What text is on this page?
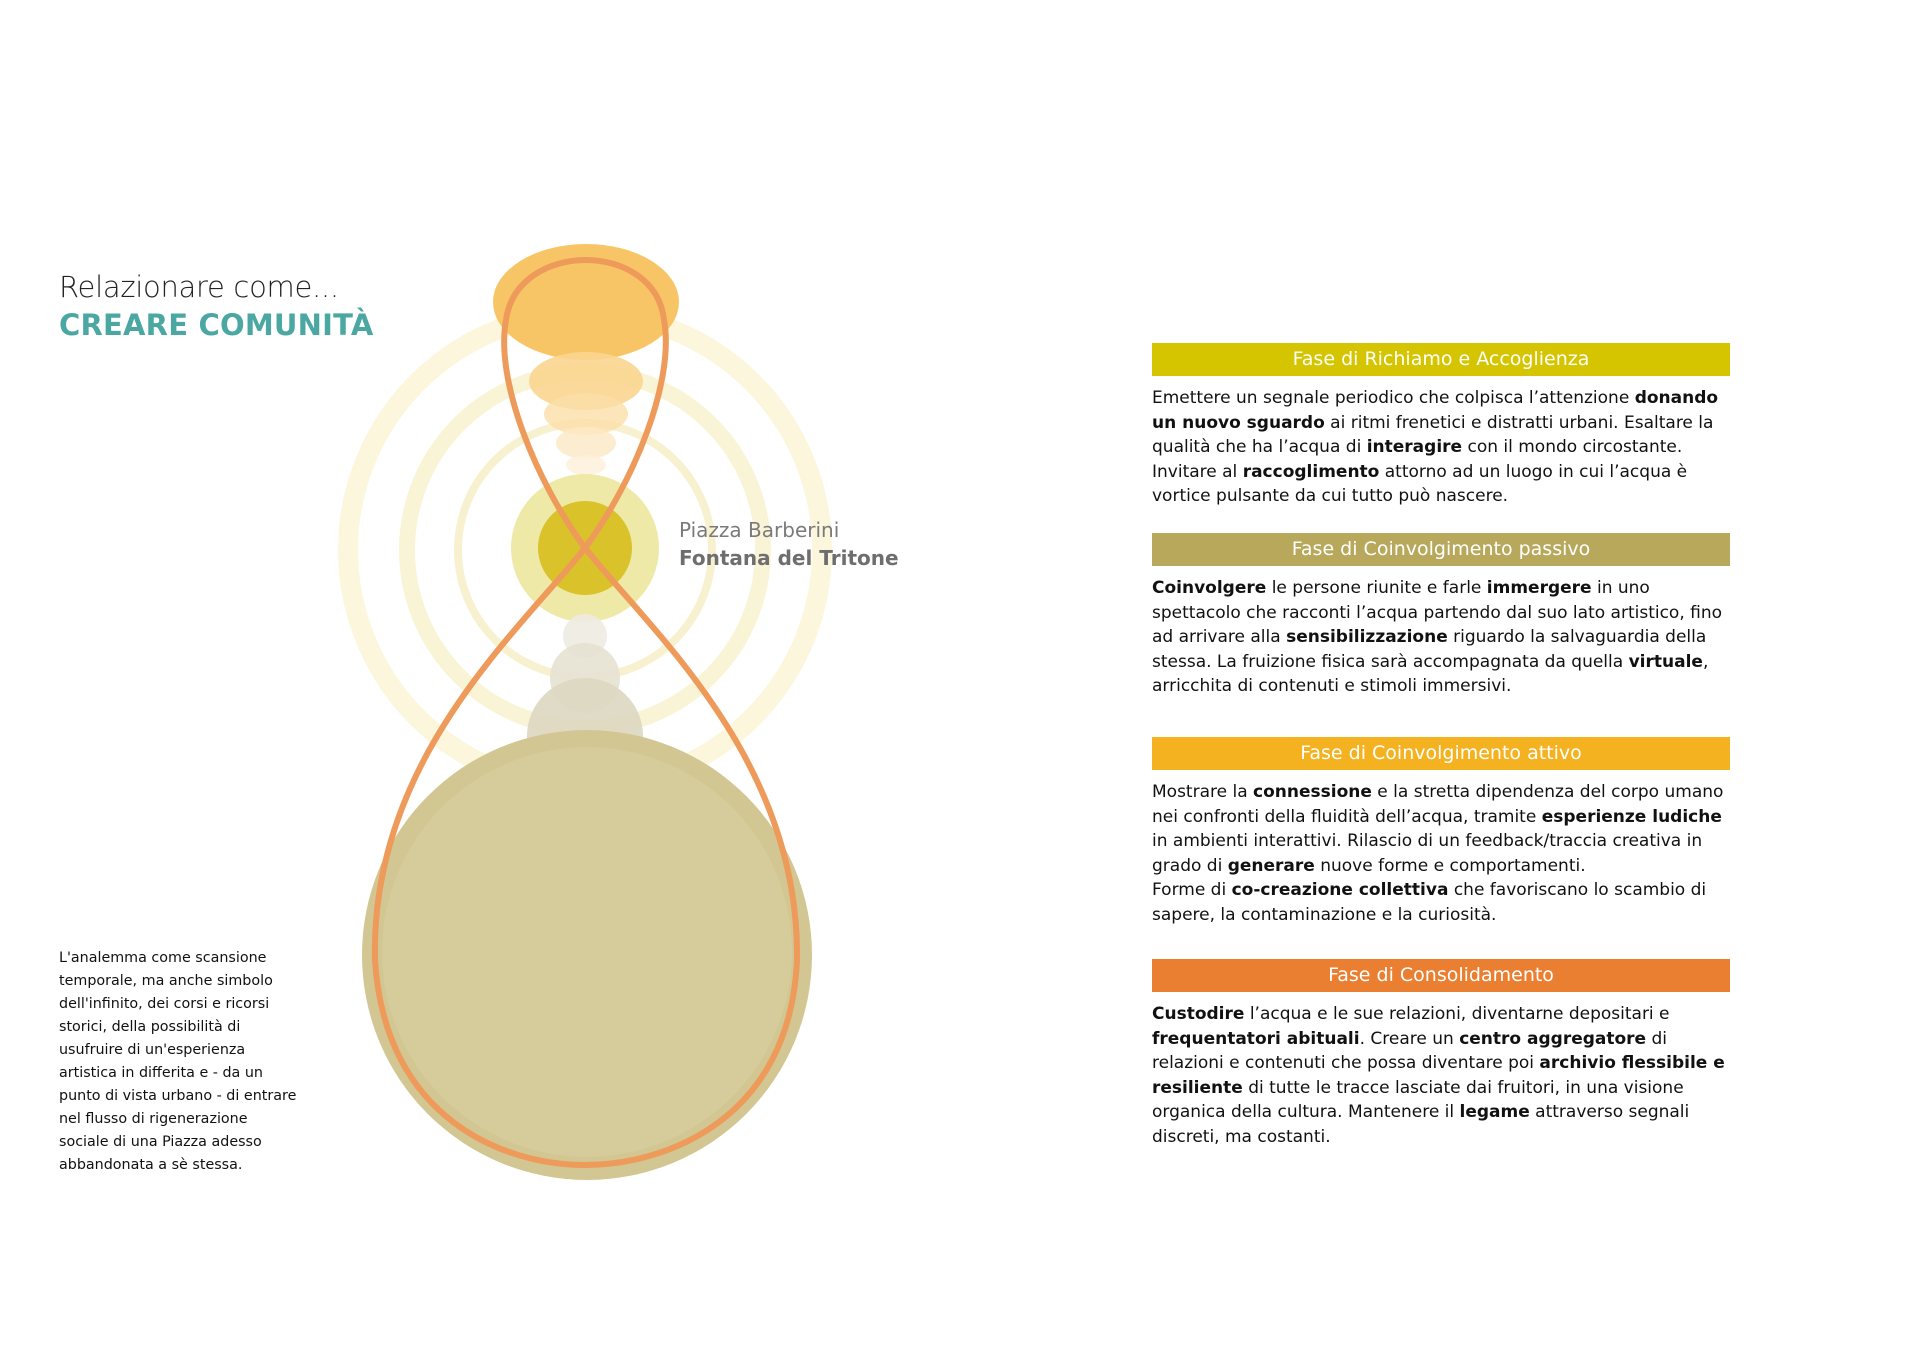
Relazionare come...
CREARE COMUNITÀ
Piazza Barberini
Fontana del Tritone
L'analemma come scansione temporale, ma anche simbolo dell'infinito, dei corsi e ricorsi storici, della possibilità di usufruire di un'esperienza artistica in differita e - da un punto di vista urbano - di entrare nel flusso di rigenerazione sociale di una Piazza adesso abbandonata a sè stessa.
Fase di Richiamo e Accoglienza

Emettere un segnale periodico che colpisca l’attenzione donando un nuovo sguardo ai ritmi frenetici e distratti urbani. Esaltare la qualità che ha l’acqua di interagire con il mondo circostante. Invitare al raccoglimento attorno ad un luogo in cui l’acqua è vortice pulsante da cui tutto può nascere.

Fase di Coinvolgimento passivo

Coinvolgere le persone riunite e farle immergere in uno spettacolo che racconti l’acqua partendo dal suo lato artistico, fino ad arrivare alla sensibilizzazione riguardo la salvaguardia della stessa. La fruizione fisica sarà accompagnata da quella virtuale, arricchita di contenuti e stimoli immersivi.

Fase di Coinvolgimento attivo

Mostrare la connessione e la stretta dipendenza del corpo umano nei confronti della fluidità dell’acqua, tramite esperienze ludiche in ambienti interattivi. Rilascio di un feedback/traccia creativa in grado di generare nuove forme e comportamenti.

Forme di co-creazione collettiva che favoriscano lo scambio di sapere, la contaminazione e la curiosità.

Fase di Consolidamento

Custodire l’acqua e le sue relazioni, diventarne depositari e frequentatori abituali. Creare un centro aggregatore di relazioni e contenuti che possa diventare poi archivio flessibile e resiliente di tutte le tracce lasciate dai fruitori, in una visione organica della cultura. Mantenere il legame attraverso segnali discreti, ma costanti.
